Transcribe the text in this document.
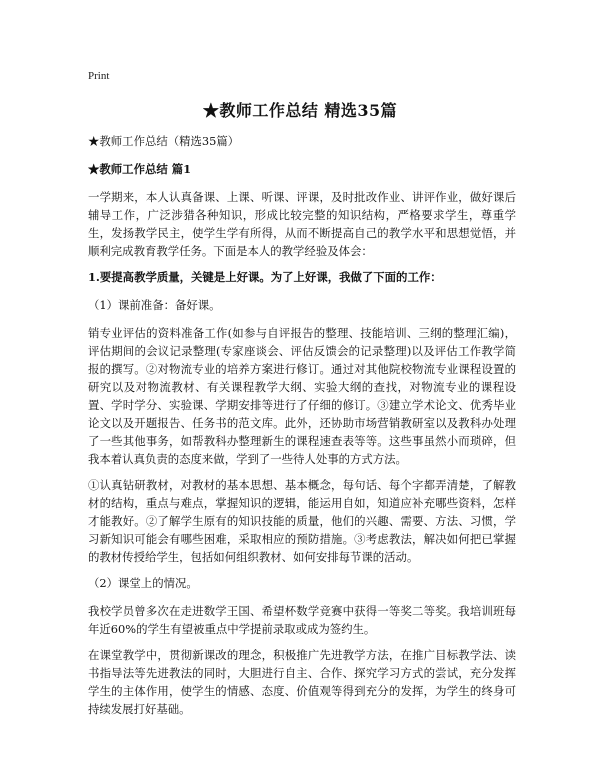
Print
★教师工作总结 精选35篇

★教师工作总结（精选35篇）

★教师工作总结 篇1

一学期来，本人认真备课、上课、听课、评课，及时批改作业、讲评作业，做好课后辅导工作，广泛涉猎各种知识，形成比较完整的知识结构，严格要求学生，尊重学生，发扬教学民主，使学生学有所得，从而不断提高自己的教学水平和思想觉悟，并顺利完成教育教学任务。下面是本人的教学经验及体会：

1.要提高教学质量，关键是上好课。为了上好课，我做了下面的工作：

（1）课前准备：备好课。

销专业评估的资料准备工作(如参与自评报告的整理、技能培训、三纲的整理汇编)，评估期间的会议记录整理(专家座谈会、评估反馈会的记录整理)以及评估工作教学简报的撰写。②对物流专业的培养方案进行修订。通过对其他院校物流专业课程设置的研究以及对物流教材、有关课程教学大纲、实验大纲的查找，对物流专业的课程设置、学时学分、实验课、学期安排等进行了仔细的修订。③建立学术论文、优秀毕业论文以及开题报告、任务书的范文库。此外，还协助市场营销教研室以及教科办处理了一些其他事务，如帮教科办整理新生的课程速查表等等。这些事虽然小而琐碎，但我本着认真负责的态度来做，学到了一些待人处事的方式方法。

①认真钻研教材，对教材的基本思想、基本概念，每句话、每个字都弄清楚，了解教材的结构，重点与难点，掌握知识的逻辑，能运用自如，知道应补充哪些资料，怎样才能教好。②了解学生原有的知识技能的质量，他们的兴趣、需要、方法、习惯，学习新知识可能会有哪些困难，采取相应的预防措施。③考虑教法，解决如何把已掌握的教材传授给学生，包括如何组织教材、如何安排每节课的活动。

（2）课堂上的情况。

我校学员曾多次在走进数学王国、希望杯数学竞赛中获得一等奖二等奖。我培训班每年近60%的学生有望被重点中学提前录取或成为签约生。

在课堂教学中，贯彻新课改的理念，积极推广先进教学方法，在推广目标教学法、读书指导法等先进教法的同时，大胆进行自主、合作、探究学习方式的尝试，充分发挥学生的主体作用，使学生的情感、态度、价值观等得到充分的发挥，为学生的终身可持续发展打好基础。
